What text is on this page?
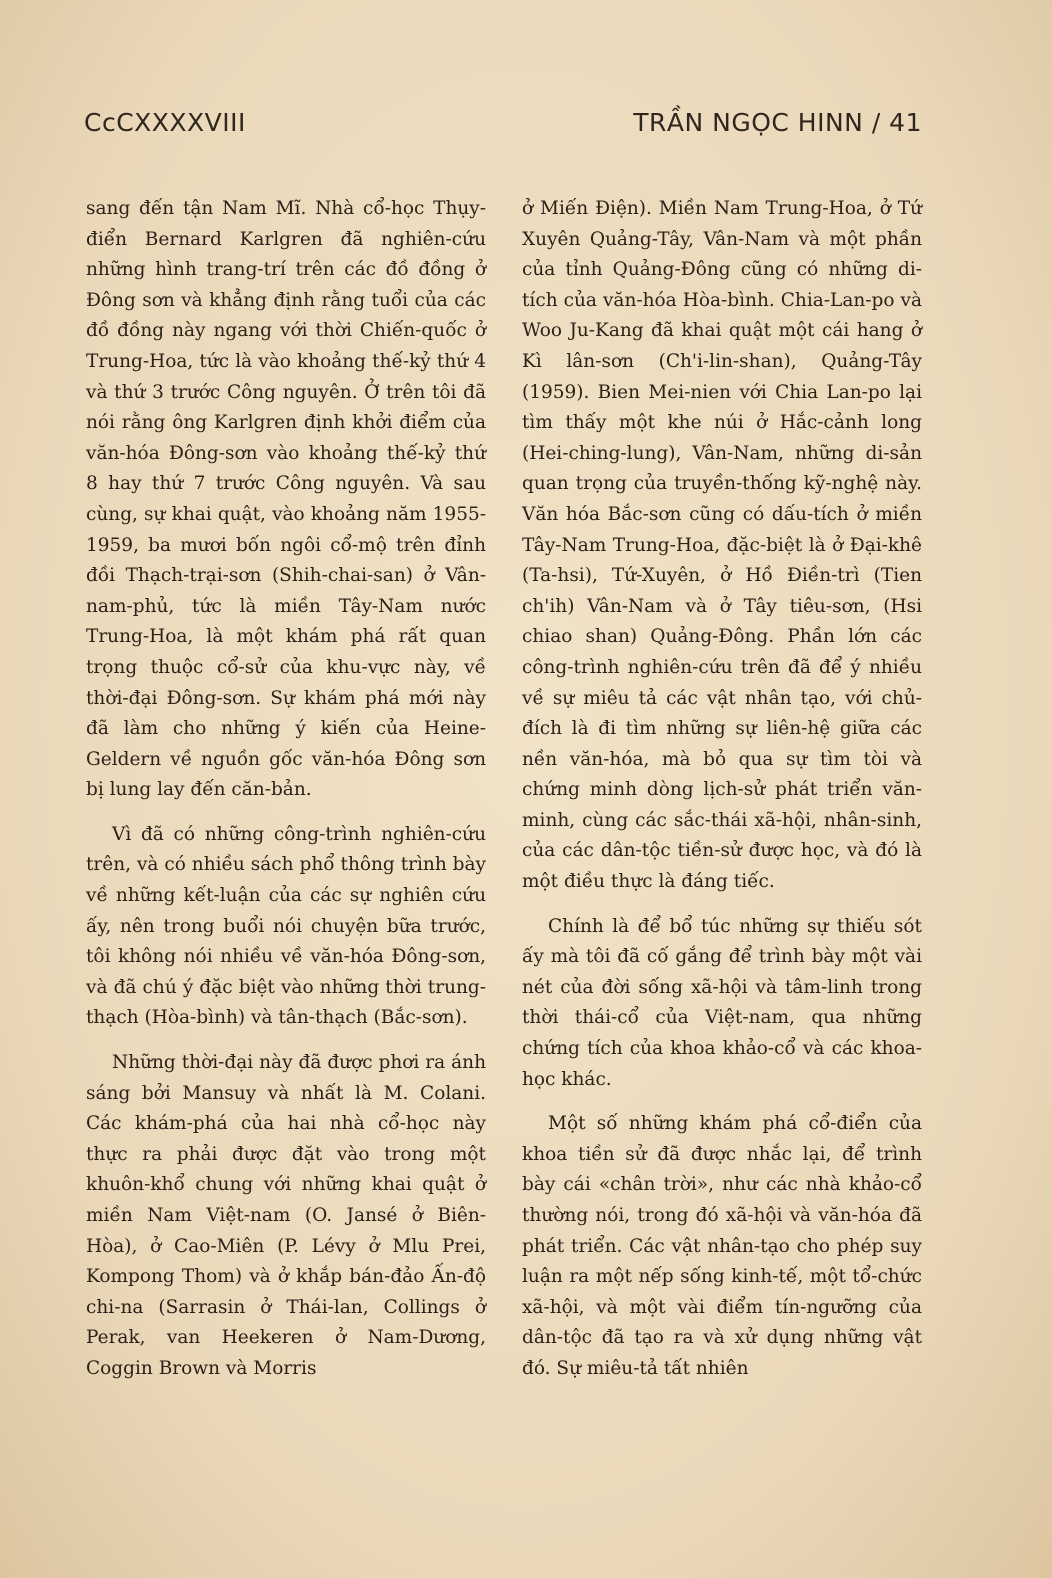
CcCXXXXVIII	TRẦN NGỌC HINN / 41

sang đến tận Nam Mĩ. Nhà cổ-học Thụy-điển Bernard Karlgren đã nghiên-cứu những hình trang-trí trên các đồ đồng ở Đông sơn và khẳng định rằng tuổi của các đồ đồng này ngang với thời Chiến-quốc ở Trung-Hoa, tức là vào khoảng thế-kỷ thứ 4 và thứ 3 trước Công nguyên. Ở trên tôi đã nói rằng ông Karlgren định khởi điểm của văn-hóa Đông-sơn vào khoảng thế-kỷ thứ 8 hay thứ 7 trước Công nguyên. Và sau cùng, sự khai quật, vào khoảng năm 1955-1959, ba mươi bốn ngôi cổ-mộ trên đỉnh đồi Thạch-trại-sơn (Shih-chai-san) ở Vân-nam-phủ, tức là miền Tây-Nam nước Trung-Hoa, là một khám phá rất quan trọng thuộc cổ-sử của khu-vực này, về thời-đại Đông-sơn. Sự khám phá mới này đã làm cho những ý kiến của Heine-Geldern về nguồn gốc văn-hóa Đông sơn bị lung lay đến căn-bản.

Vì đã có những công-trình nghiên-cứu trên, và có nhiều sách phổ thông trình bày về những kết-luận của các sự nghiên cứu ấy, nên trong buổi nói chuyện bữa trước, tôi không nói nhiều về văn-hóa Đông-sơn, và đã chú ý đặc biệt vào những thời trung-thạch (Hòa-bình) và tân-thạch (Bắc-sơn).

Những thời-đại này đã được phơi ra ánh sáng bởi Mansuy và nhất là M. Colani. Các khám-phá của hai nhà cổ-học này thực ra phải được đặt vào trong một khuôn-khổ chung với những khai quật ở miền Nam Việt-nam (O. Jansé ở Biên-Hòa), ở Cao-Miên (P. Lévy ở Mlu Prei, Kompong Thom) và ở khắp bán-đảo Ấn-độ chi-na (Sarrasin ở Thái-lan, Collings ở Perak, van Heekeren ở Nam-Dương, Coggin Brown và Morris

ở Miến Điện). Miền Nam Trung-Hoa, ở Tứ Xuyên Quảng-Tây, Vân-Nam và một phần của tỉnh Quảng-Đông cũng có những di-tích của văn-hóa Hòa-bình. Chia-Lan-po và Woo Ju-Kang đã khai quật một cái hang ở Kì lân-sơn (Ch'i-lin-shan), Quảng-Tây (1959). Bien Mei-nien với Chia Lan-po lại tìm thấy một khe núi ở Hắc-cảnh long (Hei-ching-lung), Vân-Nam, những di-sản quan trọng của truyền-thống kỹ-nghệ này. Văn hóa Bắc-sơn cũng có dấu-tích ở miền Tây-Nam Trung-Hoa, đặc-biệt là ở Đại-khê (Ta-hsi), Tứ-Xuyên, ở Hồ Điền-trì (Tien ch'ih) Vân-Nam và ở Tây tiêu-sơn, (Hsi chiao shan) Quảng-Đông. Phần lớn các công-trình nghiên-cứu trên đã để ý nhiều về sự miêu tả các vật nhân tạo, với chủ-đích là đi tìm những sự liên-hệ giữa các nền văn-hóa, mà bỏ qua sự tìm tòi và chứng minh dòng lịch-sử phát triển văn-minh, cùng các sắc-thái xã-hội, nhân-sinh, của các dân-tộc tiền-sử được học, và đó là một điều thực là đáng tiếc.

Chính là để bổ túc những sự thiếu sót ấy mà tôi đã cố gắng để trình bày một vài nét của đời sống xã-hội và tâm-linh trong thời thái-cổ của Việt-nam, qua những chứng tích của khoa khảo-cổ và các khoa-học khác.

Một số những khám phá cổ-điển của khoa tiền sử đã được nhắc lại, để trình bày cái «chân trời», như các nhà khảo-cổ thường nói, trong đó xã-hội và văn-hóa đã phát triển. Các vật nhân-tạo cho phép suy luận ra một nếp sống kinh-tế, một tổ-chức xã-hội, và một vài điểm tín-ngưỡng của dân-tộc đã tạo ra và xử dụng những vật đó. Sự miêu-tả tất nhiên
